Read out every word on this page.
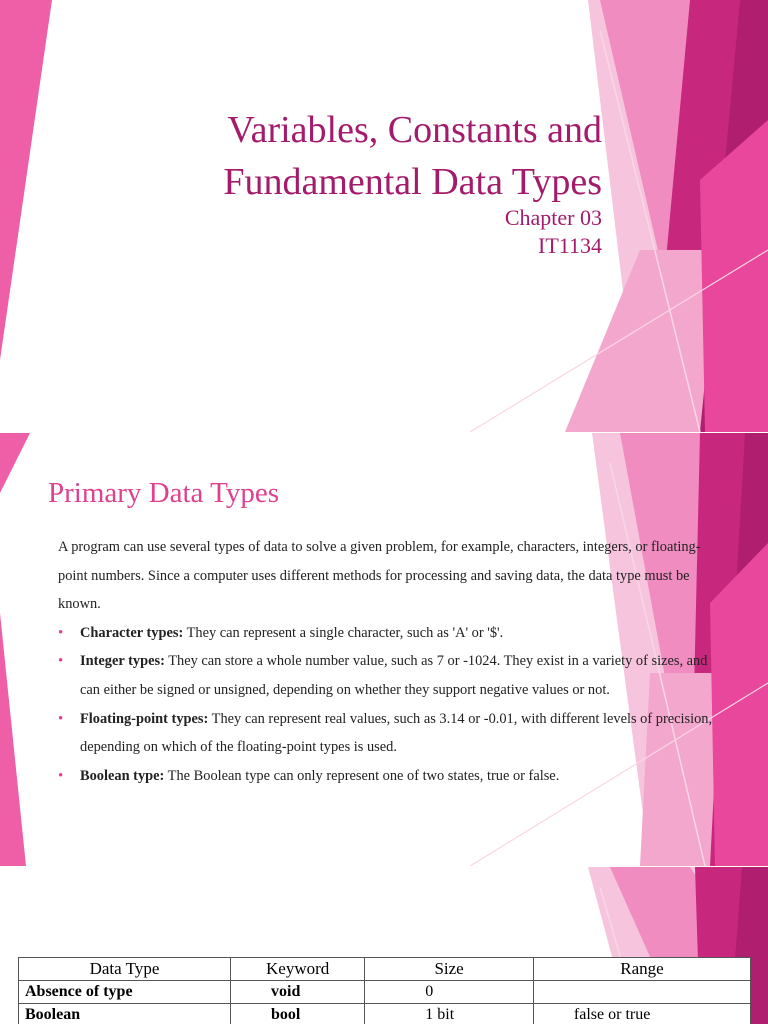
Variables, Constants and
Fundamental Data Types
Chapter 03
IT1134
Primary Data Types

A program can use several types of data to solve a given problem, for example, characters, integers, or floating-point numbers. Since a computer uses different methods for processing and saving data, the data type must be known.

• Character types: They can represent a single character, such as 'A' or '$'.
• Integer types: They can store a whole number value, such as 7 or -1024. They exist in a variety of sizes, and can either be signed or unsigned, depending on whether they support negative values or not.
• Floating-point types: They can represent real values, such as 3.14 or -0.01, with different levels of precision, depending on which of the floating-point types is used.
• Boolean type: The Boolean type can only represent one of two states, true or false.
Data Type	Keyword	Size	Range
Absence of type	void	0	
Boolean	bool	1 bit	false or true
